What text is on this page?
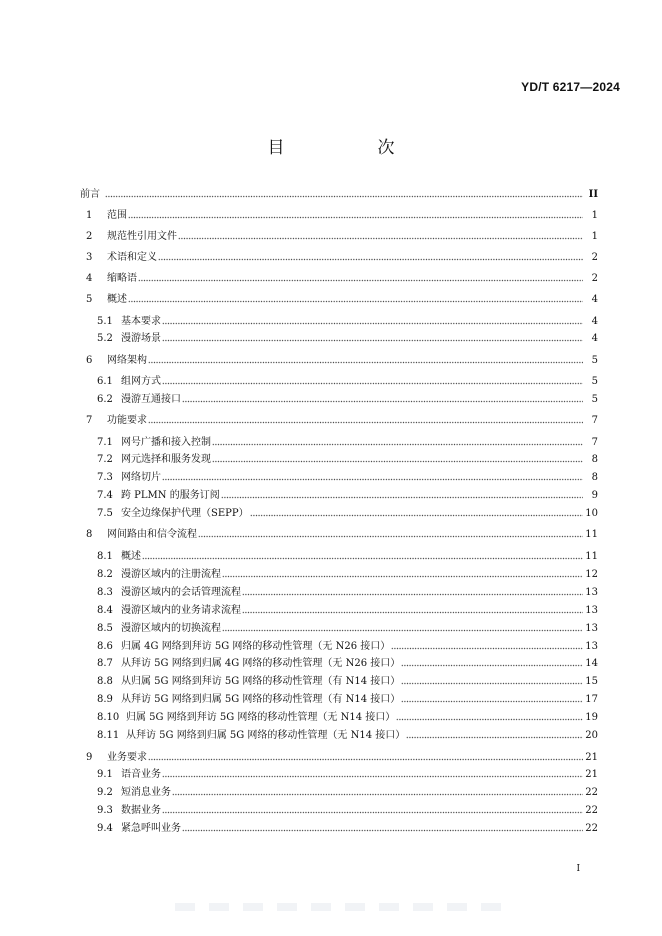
YD/T 6217—2024
目　次
前言	II
1 范围	1
2 规范性引用文件	1
3 术语和定义	2
4 缩略语	2
5 概述	4
5.1 基本要求	4
5.2 漫游场景	4
6 网络架构	5
6.1 组网方式	5
6.2 漫游互通接口	5
7 功能要求	7
7.1 网号广播和接入控制	7
7.2 网元选择和服务发现	8
7.3 网络切片	8
7.4 跨 PLMN 的服务订阅	9
7.5 安全边缘保护代理（SEPP）	10
8 网间路由和信令流程	11
8.1 概述	11
8.2 漫游区域内的注册流程	12
8.3 漫游区域内的会话管理流程	13
8.4 漫游区域内的业务请求流程	13
8.5 漫游区域内的切换流程	13
8.6 归属 4G 网络到拜访 5G 网络的移动性管理（无 N26 接口）	13
8.7 从拜访 5G 网络到归属 4G 网络的移动性管理（无 N26 接口）	14
8.8 从归属 5G 网络到拜访 5G 网络的移动性管理（有 N14 接口）	15
8.9 从拜访 5G 网络到归属 5G 网络的移动性管理（有 N14 接口）	17
8.10 归属 5G 网络到拜访 5G 网络的移动性管理（无 N14 接口）	19
8.11 从拜访 5G 网络到归属 5G 网络的移动性管理（无 N14 接口）	20
9 业务要求	21
9.1 语音业务	21
9.2 短消息业务	22
9.3 数据业务	22
9.4 紧急呼叫业务	22
I
